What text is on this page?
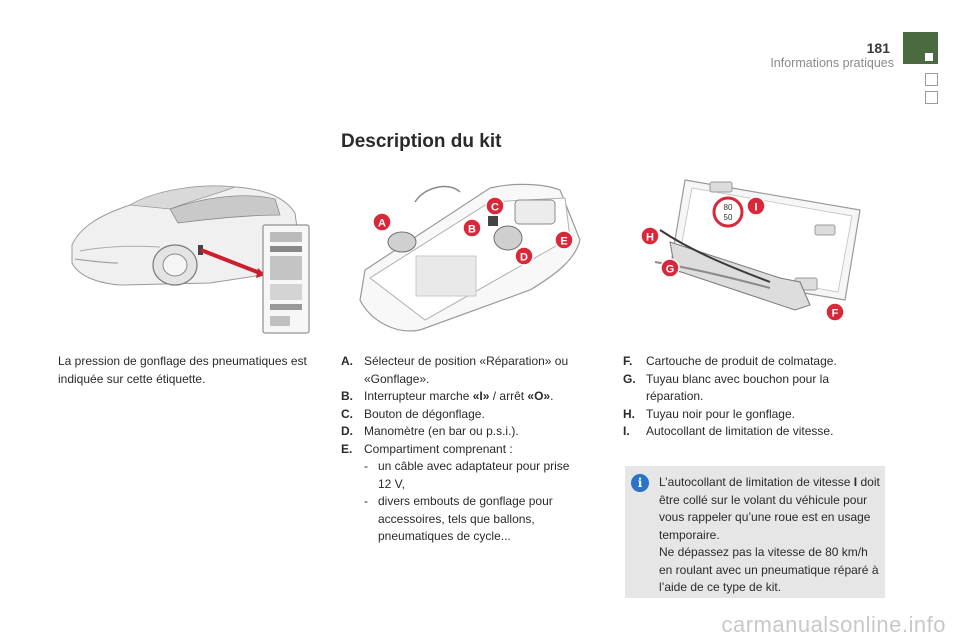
181
Informations pratiques
Description du kit
A	B
C
D
E
80
50
I
H
G
F
La pression de gonflage des pneumatiques est indiquée sur cette étiquette.
A. Sélecteur de position «Réparation» ou «Gonflage».
B. Interrupteur marche «I» / arrêt «O».
C. Bouton de dégonflage.
D. Manomètre (en bar ou p.s.i.).
E. Compartiment comprenant :
- un câble avec adaptateur pour prise 12 V,
- divers embouts de gonflage pour accessoires, tels que ballons, pneumatiques de cycle...
F.	Cartouche de produit de colmatage.
G. Tuyau blanc avec bouchon pour la réparation.
H. Tuyau noir pour le gonflage.
I.	Autocollant de limitation de vitesse.
i	L’autocollant de limitation de vitesse I doit être collé sur le volant du véhicule pour vous rappeler qu’une roue est en usage temporaire.
Ne dépassez pas la vitesse de 80 km/h en roulant avec un pneumatique réparé à l’aide de ce type de kit.
carmanualsonline.info
